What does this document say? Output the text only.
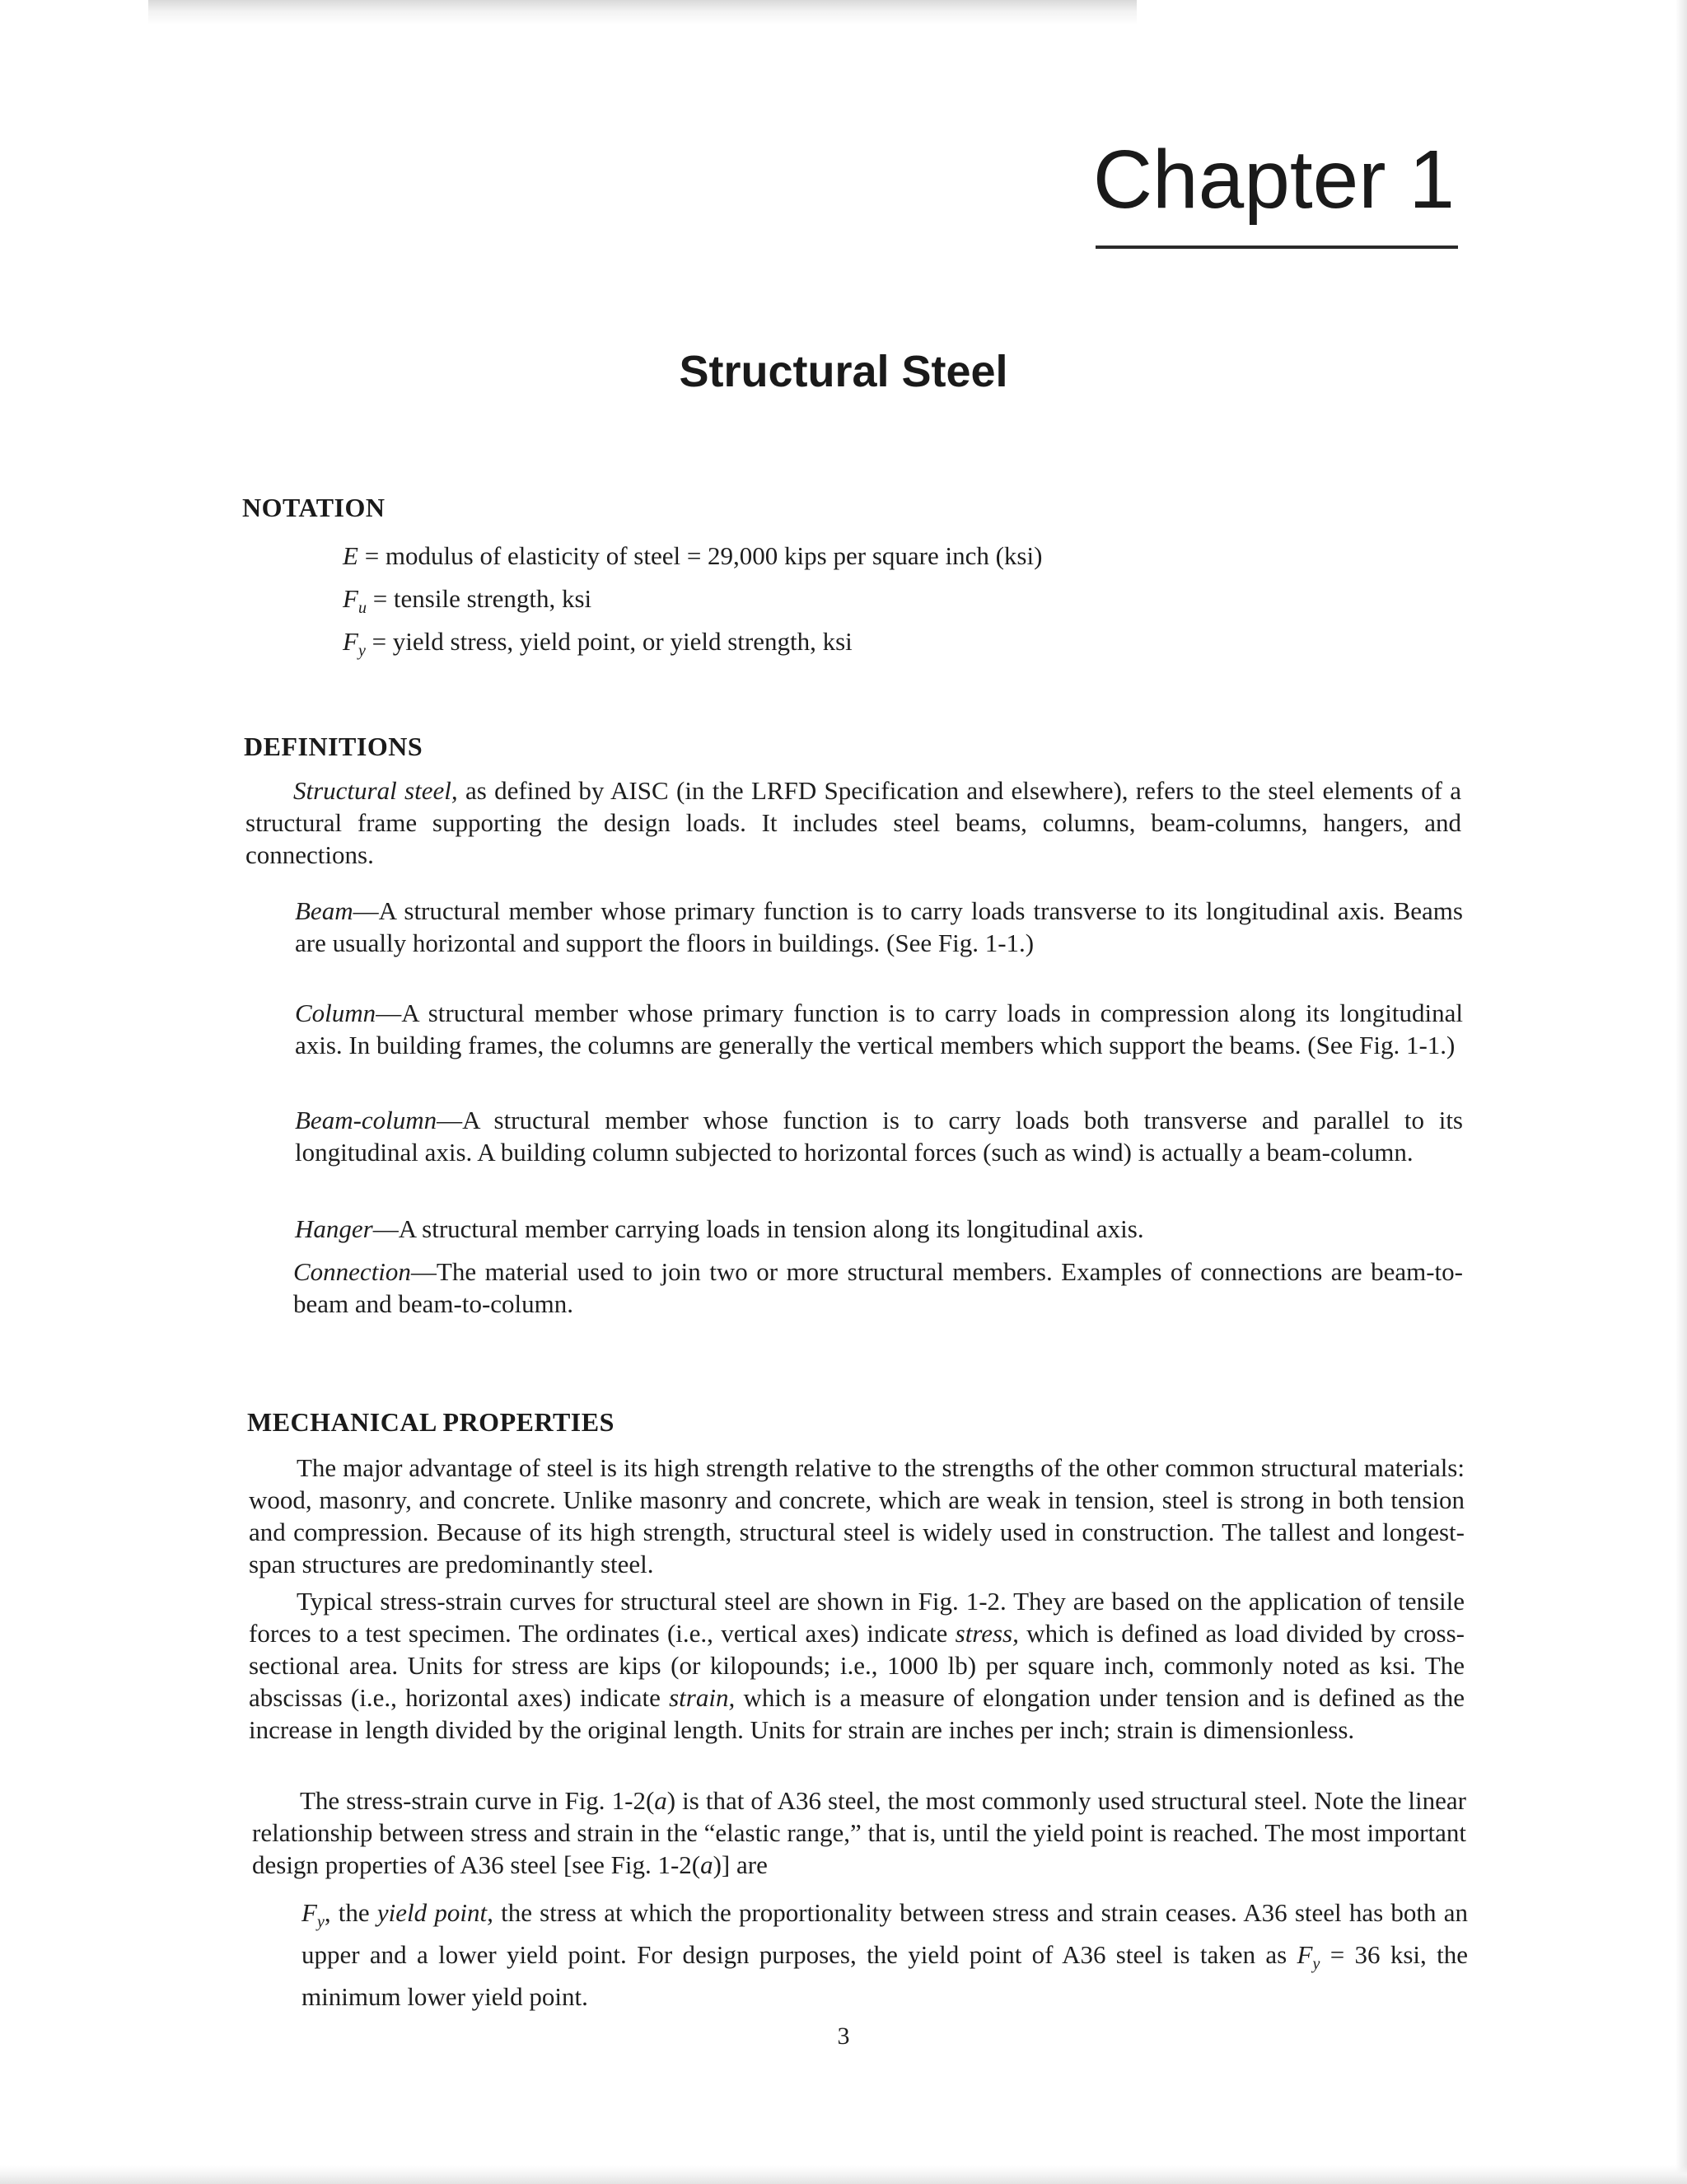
Chapter 1
Structural Steel
NOTATION

E = modulus of elasticity of steel = 29,000 kips per square inch (ksi)

$F_u$ = tensile strength, ksi

$F_y$ = yield stress, yield point, or yield strength, ksi

DEFINITIONS

Structural steel, as defined by AISC (in the LRFD Specification and elsewhere), refers to the steel elements of a structural frame supporting the design loads. It includes steel beams, columns, beam-columns, hangers, and connections.

Beam—A structural member whose primary function is to carry loads transverse to its longitudinal axis. Beams are usually horizontal and support the floors in buildings. (See Fig. 1-1.)

Column—A structural member whose primary function is to carry loads in compression along its longitudinal axis. In building frames, the columns are generally the vertical members which support the beams. (See Fig. 1-1.)

Beam-column—A structural member whose function is to carry loads both transverse and parallel to its longitudinal axis. A building column subjected to horizontal forces (such as wind) is actually a beam-column.

Hanger—A structural member carrying loads in tension along its longitudinal axis.

Connection—The material used to join two or more structural members. Examples of connections are beam-to-beam and beam-to-column.

MECHANICAL PROPERTIES

The major advantage of steel is its high strength relative to the strengths of the other common structural materials: wood, masonry, and concrete. Unlike masonry and concrete, which are weak in tension, steel is strong in both tension and compression. Because of its high strength, structural steel is widely used in construction. The tallest and longest-span structures are predominantly steel.

Typical stress-strain curves for structural steel are shown in Fig. 1-2. They are based on the application of tensile forces to a test specimen. The ordinates (i.e., vertical axes) indicate stress, which is defined as load divided by cross-sectional area. Units for stress are kips (or kilopounds; i.e., 1000 lb) per square inch, commonly noted as ksi. The abscissas (i.e., horizontal axes) indicate strain, which is a measure of elongation under tension and is defined as the increase in length divided by the original length. Units for strain are inches per inch; strain is dimensionless.

The stress-strain curve in Fig. 1-2(a) is that of A36 steel, the most commonly used structural steel. Note the linear relationship between stress and strain in the “elastic range,” that is, until the yield point is reached. The most important design properties of A36 steel [see Fig. 1-2(a)] are

$F_y$, the yield point, the stress at which the proportionality between stress and strain ceases. A36 steel has both an upper and a lower yield point. For design purposes, the yield point of A36 steel is taken as $F_y = 36$ ksi, the minimum lower yield point.

3
